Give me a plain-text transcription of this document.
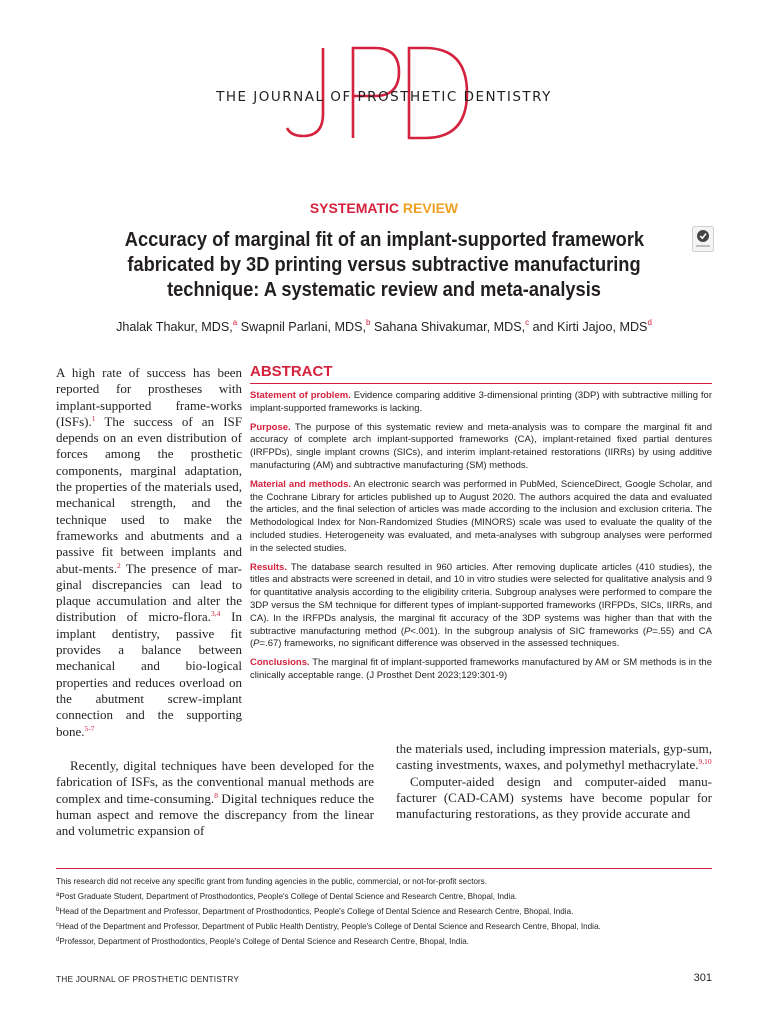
THE JOURNAL OF PROSTHETIC DENTISTRY
SYSTEMATIC REVIEW
Accuracy of marginal fit of an implant-supported framework
fabricated by 3D printing versus subtractive manufacturing
technique: A systematic review and meta-analysis
Jhalak Thakur, MDS,$^a$ Swapnil Parlani, MDS,$^b$ Sahana Shivakumar, MDS,$^c$ and Kirti Jajoo, MDS$^d$

A high rate of success has been reported for prostheses with implant-supported frame-works (ISFs).$^1$ The success of an ISF depends on an even distribution of forces among the prosthetic components, marginal adaptation, the properties of the materials used, mechanical strength, and the technique used to make the frameworks and abutments and a passive fit between implants and abut-ments.$^2$ The presence of mar-ginal discrepancies can lead to plaque accumulation and alter the distribution of micro-flora.$^{3,4}$ In implant dentistry, passive fit provides a balance between mechanical and bio-logical properties and reduces overload on the abutment screw-implant connection and the supporting bone.$^{5-7}$

Recently, digital techniques have been developed for the fabrication of ISFs, as the conventional manual methods are complex and time-consuming.$^8$ Digital techniques reduce the human aspect and remove the discrepancy from the linear and volumetric expansion of

the materials used, including impression materials, gyp-sum, casting investments, waxes, and polymethyl methacrylate.$^{9,10}$

Computer-aided design and computer-aided manu-facturer (CAD-CAM) systems have become popular for manufacturing restorations, as they provide accurate and

ABSTRACT

Statement of problem. Evidence comparing additive 3-dimensional printing (3DP) with subtractive milling for implant-supported frameworks is lacking.

Purpose. The purpose of this systematic review and meta-analysis was to compare the marginal fit and accuracy of complete arch implant-supported frameworks (CA), implant-retained fixed partial dentures (IRFPDs), single implant crowns (SICs), and interim implant-retained restorations (IIRRs) by using additive manufacturing (AM) and subtractive manufacturing (SM) methods.

Material and methods. An electronic search was performed in PubMed, ScienceDirect, Google Scholar, and the Cochrane Library for articles published up to August 2020. The authors acquired the data and evaluated the articles, and the final selection of articles was made according to the inclusion and exclusion criteria. The Methodological Index for Non-Randomized Studies (MINORS) scale was used to evaluate the quality of the included studies. Heterogeneity was evaluated, and meta-analyses with subgroup analyses were performed in the selected studies.

Results. The database search resulted in 960 articles. After removing duplicate articles (410 studies), the titles and abstracts were screened in detail, and 10 in vitro studies were selected for qualitative analysis and 9 for quantitative analysis according to the eligibility criteria. Subgroup analyses were performed to compare the 3DP versus the SM technique for different types of implant-supported frameworks (IRFPDs, SICs, IIRRs, and CA). In the IRFPDs analysis, the marginal fit accuracy of the 3DP systems was higher than that with the subtractive manufacturing method (P<.001). In the subgroup analysis of SIC frameworks (P=.55) and CA (P=.67) frameworks, no significant difference was observed in the assessed techniques.

Conclusions. The marginal fit of implant-supported frameworks manufactured by AM or SM methods is in the clinically acceptable range. (J Prosthet Dent 2023;129:301-9)

This research did not receive any specific grant from funding agencies in the public, commercial, or not-for-profit sectors.
$^a$Post Graduate Student, Department of Prosthodontics, People's College of Dental Science and Research Centre, Bhopal, India.
$^b$Head of the Department and Professor, Department of Prosthodontics, People's College of Dental Science and Research Centre, Bhopal, India.
$^c$Head of the Department and Professor, Department of Public Health Dentistry, People's College of Dental Science and Research Centre, Bhopal, India.
$^d$Professor, Department of Prosthodontics, People's College of Dental Science and Research Centre, Bhopal, India.
THE JOURNAL OF PROSTHETIC DENTISTRY	301
